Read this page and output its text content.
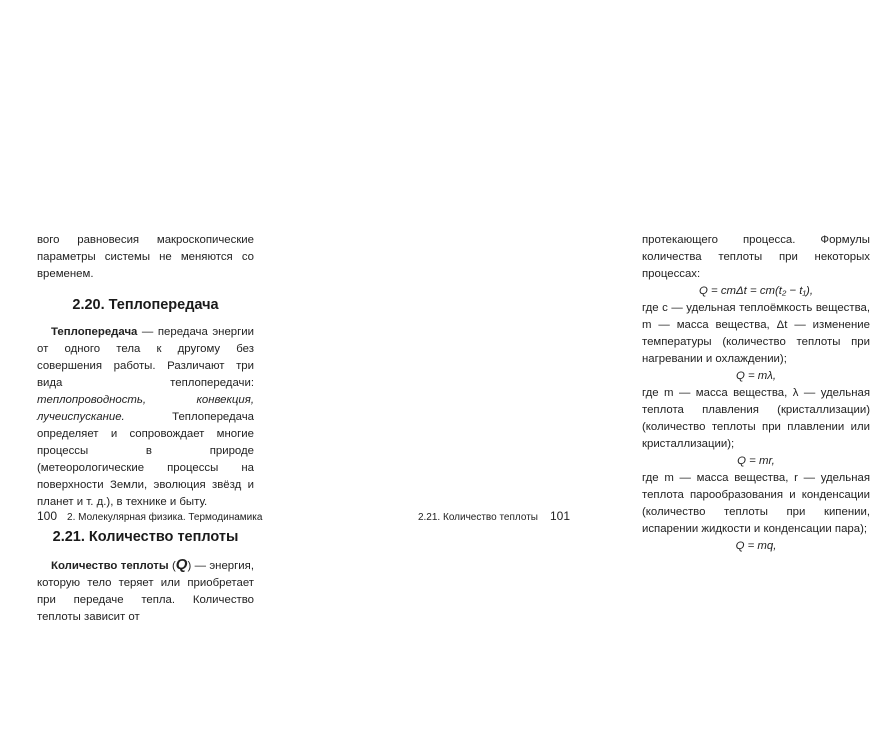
вого равновесия макроскопические параметры системы не меняются со временем.

2.20. Теплопередача

Теплопередача — передача энергии от одного тела к другому без совершения работы. Различают три вида теплопередачи: теплопроводность, конвекция, лучеиспускание. Теплопередача определяет и сопровождает многие процессы в природе (метеорологические процессы на поверхности Земли, эволюция звёзд и планет и т. д.), в технике и быту.

2.21. Количество теплоты

Количество теплоты (Q) — энергия, которую тело теряет или приобретает при передаче тепла. Количество теплоты зависит от

100 2. Молекулярная физика. Термодинамика

протекающего процесса. Формулы количества теплоты при некоторых процессах:

Q = cmΔt = cm(t₂ − t₁),

где c — удельная теплоёмкость вещества, m — масса вещества, Δt — изменение температуры (количество теплоты при нагревании и охлаждении);

Q = mλ,

где m — масса вещества, λ — удельная теплота плавления (кристаллизации) (количество теплоты при плавлении или кристаллизации);

Q = mr,

где m — масса вещества, r — удельная теплота парообразования и конденсации (количество теплоты при кипении, испарении жидкости и конденсации пара);

Q = mq,

2.21. Количество теплоты 101
